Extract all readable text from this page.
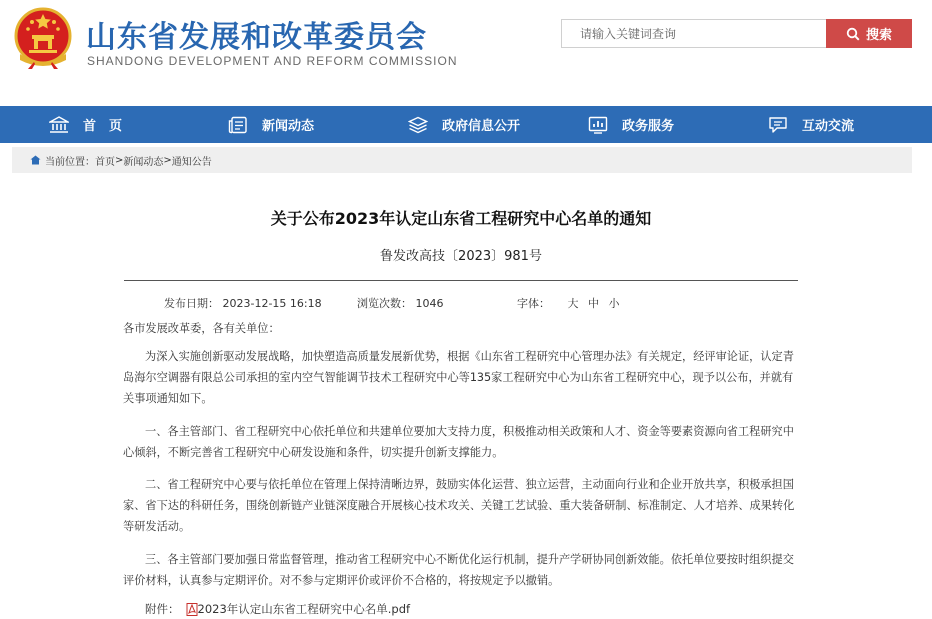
山东省发展和改革委员会
SHANDONG DEVELOPMENT AND REFORM COMMISSION
请输入关键词查询
搜索
首　页	新闻动态	政府信息公开	政务服务	互动交流
当前位置： 首页 > 新闻动态 > 通知公告
关于公布2023年认定山东省工程研究中心名单的通知
鲁发改高技〔2023〕981号
发布日期： 2023-12-15 16:18	浏览次数： 1046	字体： 大 中 小
各市发展改革委，各有关单位：
为深入实施创新驱动发展战略，加快塑造高质量发展新优势，根据《山东省工程研究中心管理办法》有关规定，经评审论证，认定青岛海尔空调器有限总公司承担的室内空气智能调节技术工程研究中心等135家工程研究中心为山东省工程研究中心，现予以公布，并就有关事项通知如下。
一、各主管部门、省工程研究中心依托单位和共建单位要加大支持力度，积极推动相关政策和人才、资金等要素资源向省工程研究中心倾斜，不断完善省工程研究中心研发设施和条件，切实提升创新支撑能力。
二、省工程研究中心要与依托单位在管理上保持清晰边界，鼓励实体化运营、独立运营，主动面向行业和企业开放共享，积极承担国家、省下达的科研任务，围绕创新链产业链深度融合开展核心技术攻关、关键工艺试验、重大装备研制、标准制定、人才培养、成果转化等研发活动。
三、各主管部门要加强日常监督管理，推动省工程研究中心不断优化运行机制，提升产学研协同创新效能。依托单位要按时组织提交评价材料，认真参与定期评价。对不参与定期评价或评价不合格的，将按规定予以撤销。
附件： 2023年认定山东省工程研究中心名单.pdf
